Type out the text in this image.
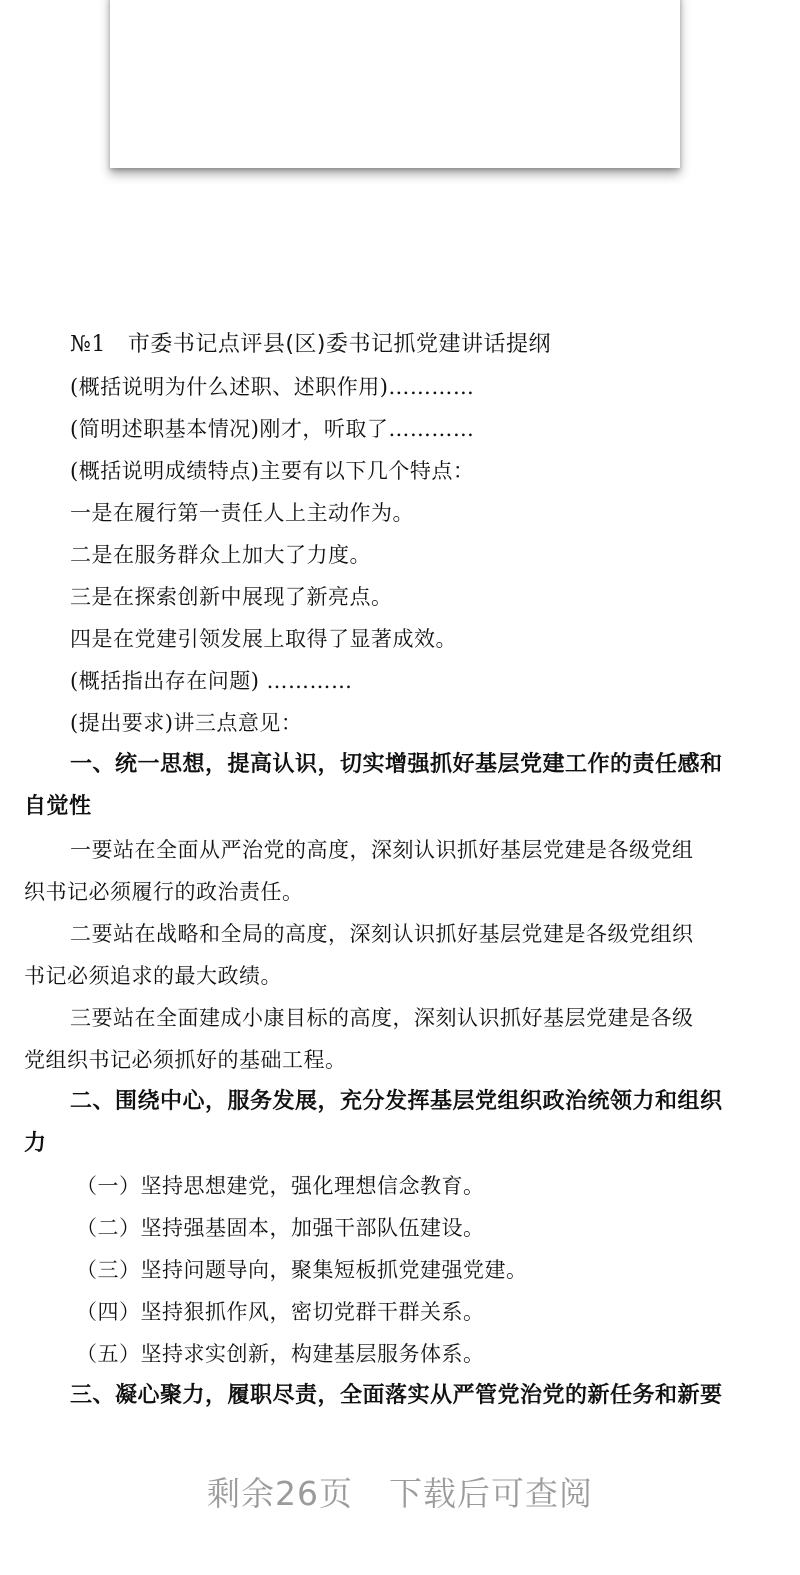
№1 市委书记点评县(区)委书记抓党建讲话提纲
(概括说明为什么述职、述职作用)…………
(简明述职基本情况)刚才，听取了…………
(概括说明成绩特点)主要有以下几个特点：
一是在履行第一责任人上主动作为。
二是在服务群众上加大了力度。
三是在探索创新中展现了新亮点。
四是在党建引领发展上取得了显著成效。
(概括指出存在问题) …………
(提出要求)讲三点意见：
一、统一思想，提高认识，切实增强抓好基层党建工作的责任感和
自觉性
一要站在全面从严治党的高度，深刻认识抓好基层党建是各级党组
织书记必须履行的政治责任。
二要站在战略和全局的高度，深刻认识抓好基层党建是各级党组织
书记必须追求的最大政绩。
三要站在全面建成小康目标的高度，深刻认识抓好基层党建是各级
党组织书记必须抓好的基础工程。
二、围绕中心，服务发展，充分发挥基层党组织政治统领力和组织
力
（一）坚持思想建党，强化理想信念教育。
（二）坚持强基固本，加强干部队伍建设。
（三）坚持问题导向，聚集短板抓党建强党建。
（四）坚持狠抓作风，密切党群干群关系。
（五）坚持求实创新，构建基层服务体系。
三、凝心聚力，履职尽责，全面落实从严管党治党的新任务和新要
剩余26页 下载后可查阅
